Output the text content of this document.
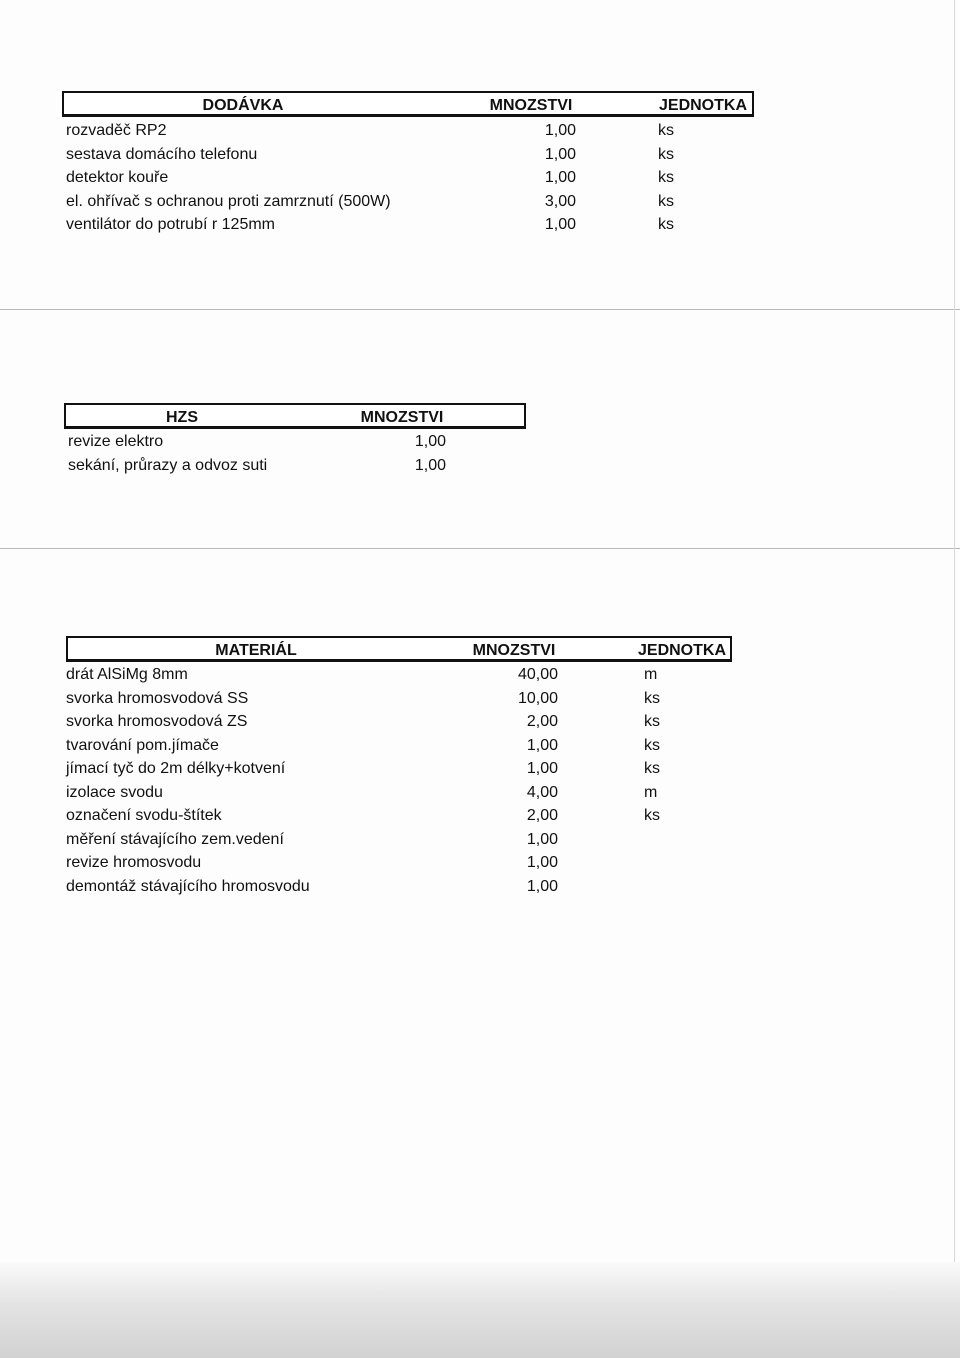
DODÁVKA	MNOZSTVI	JEDNOTKA
rozvaděč RP2	1,00	ks
sestava domácího telefonu	1,00	ks
detektor kouře	1,00	ks
el. ohřívač s ochranou proti zamrznutí (500W)	3,00	ks
ventilátor do potrubí r 125mm	1,00	ks
HZS	MNOZSTVI
revize elektro	1,00
sekání, průrazy a odvoz suti	1,00
MATERIÁL	MNOZSTVI	JEDNOTKA
drát AlSiMg 8mm	40,00	m
svorka hromosvodová SS	10,00	ks
svorka hromosvodová ZS	2,00	ks
tvarování pom.jímače	1,00	ks
jímací tyč do 2m délky+kotvení	1,00	ks
izolace svodu	4,00	m
označení svodu-štítek	2,00	ks
měření stávajícího zem.vedení	1,00
revize hromosvodu	1,00
demontáž stávajícího hromosvodu	1,00
